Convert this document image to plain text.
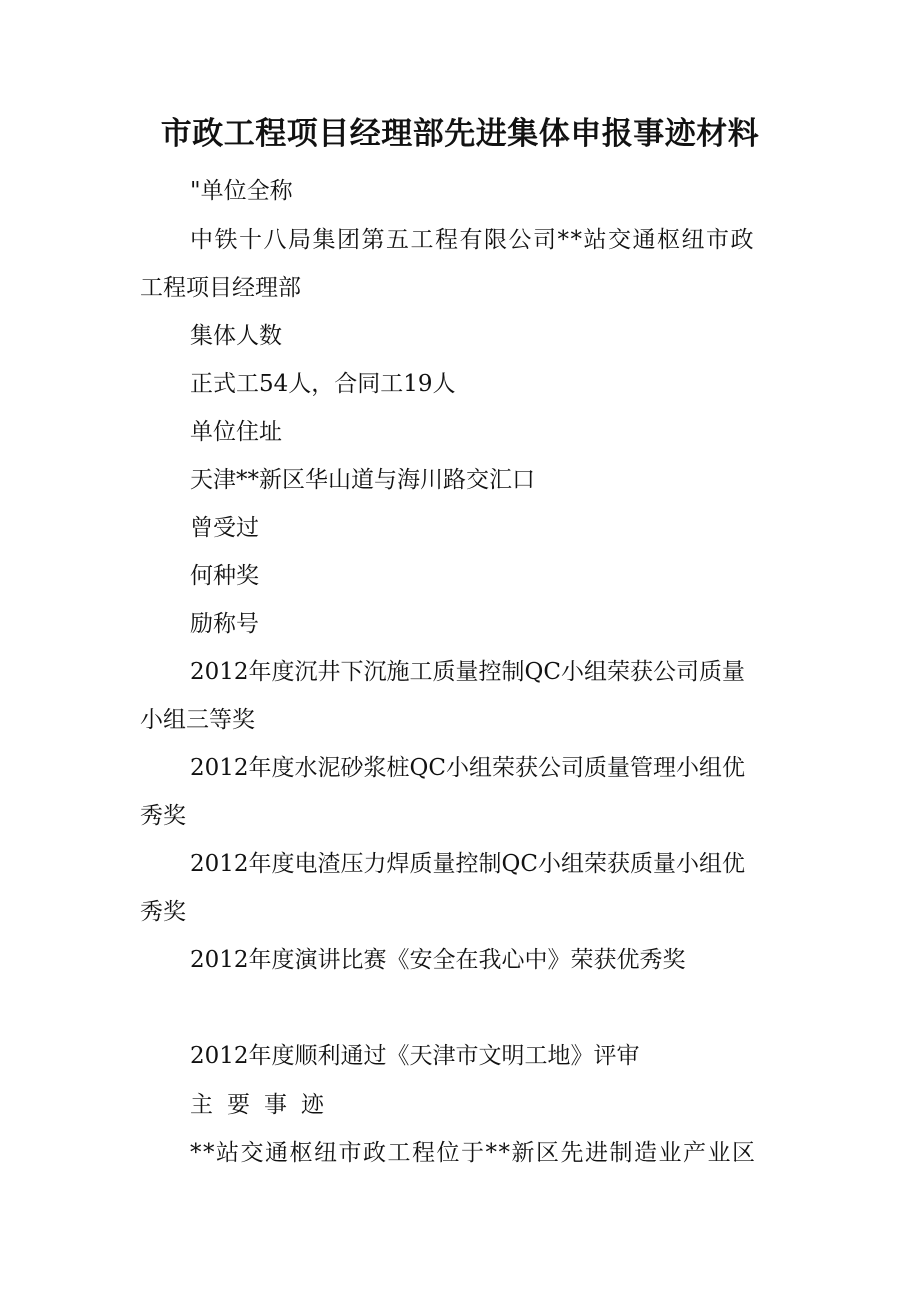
市政工程项目经理部先进集体申报事迹材料

"单位全称

中铁十八局集团第五工程有限公司**站交通枢纽市政

工程项目经理部

集体人数

正式工54人，合同工19人

单位住址

天津**新区华山道与海川路交汇口

曾受过

何种奖

励称号

2012年度沉井下沉施工质量控制QC小组荣获公司质量

小组三等奖

2012年度水泥砂浆桩QC小组荣获公司质量管理小组优

秀奖

2012年度电渣压力焊质量控制QC小组荣获质量小组优

秀奖

2012年度演讲比赛《安全在我心中》荣获优秀奖

2012年度顺利通过《天津市文明工地》评审

主要事迹

**站交通枢纽市政工程位于**新区先进制造业产业区
